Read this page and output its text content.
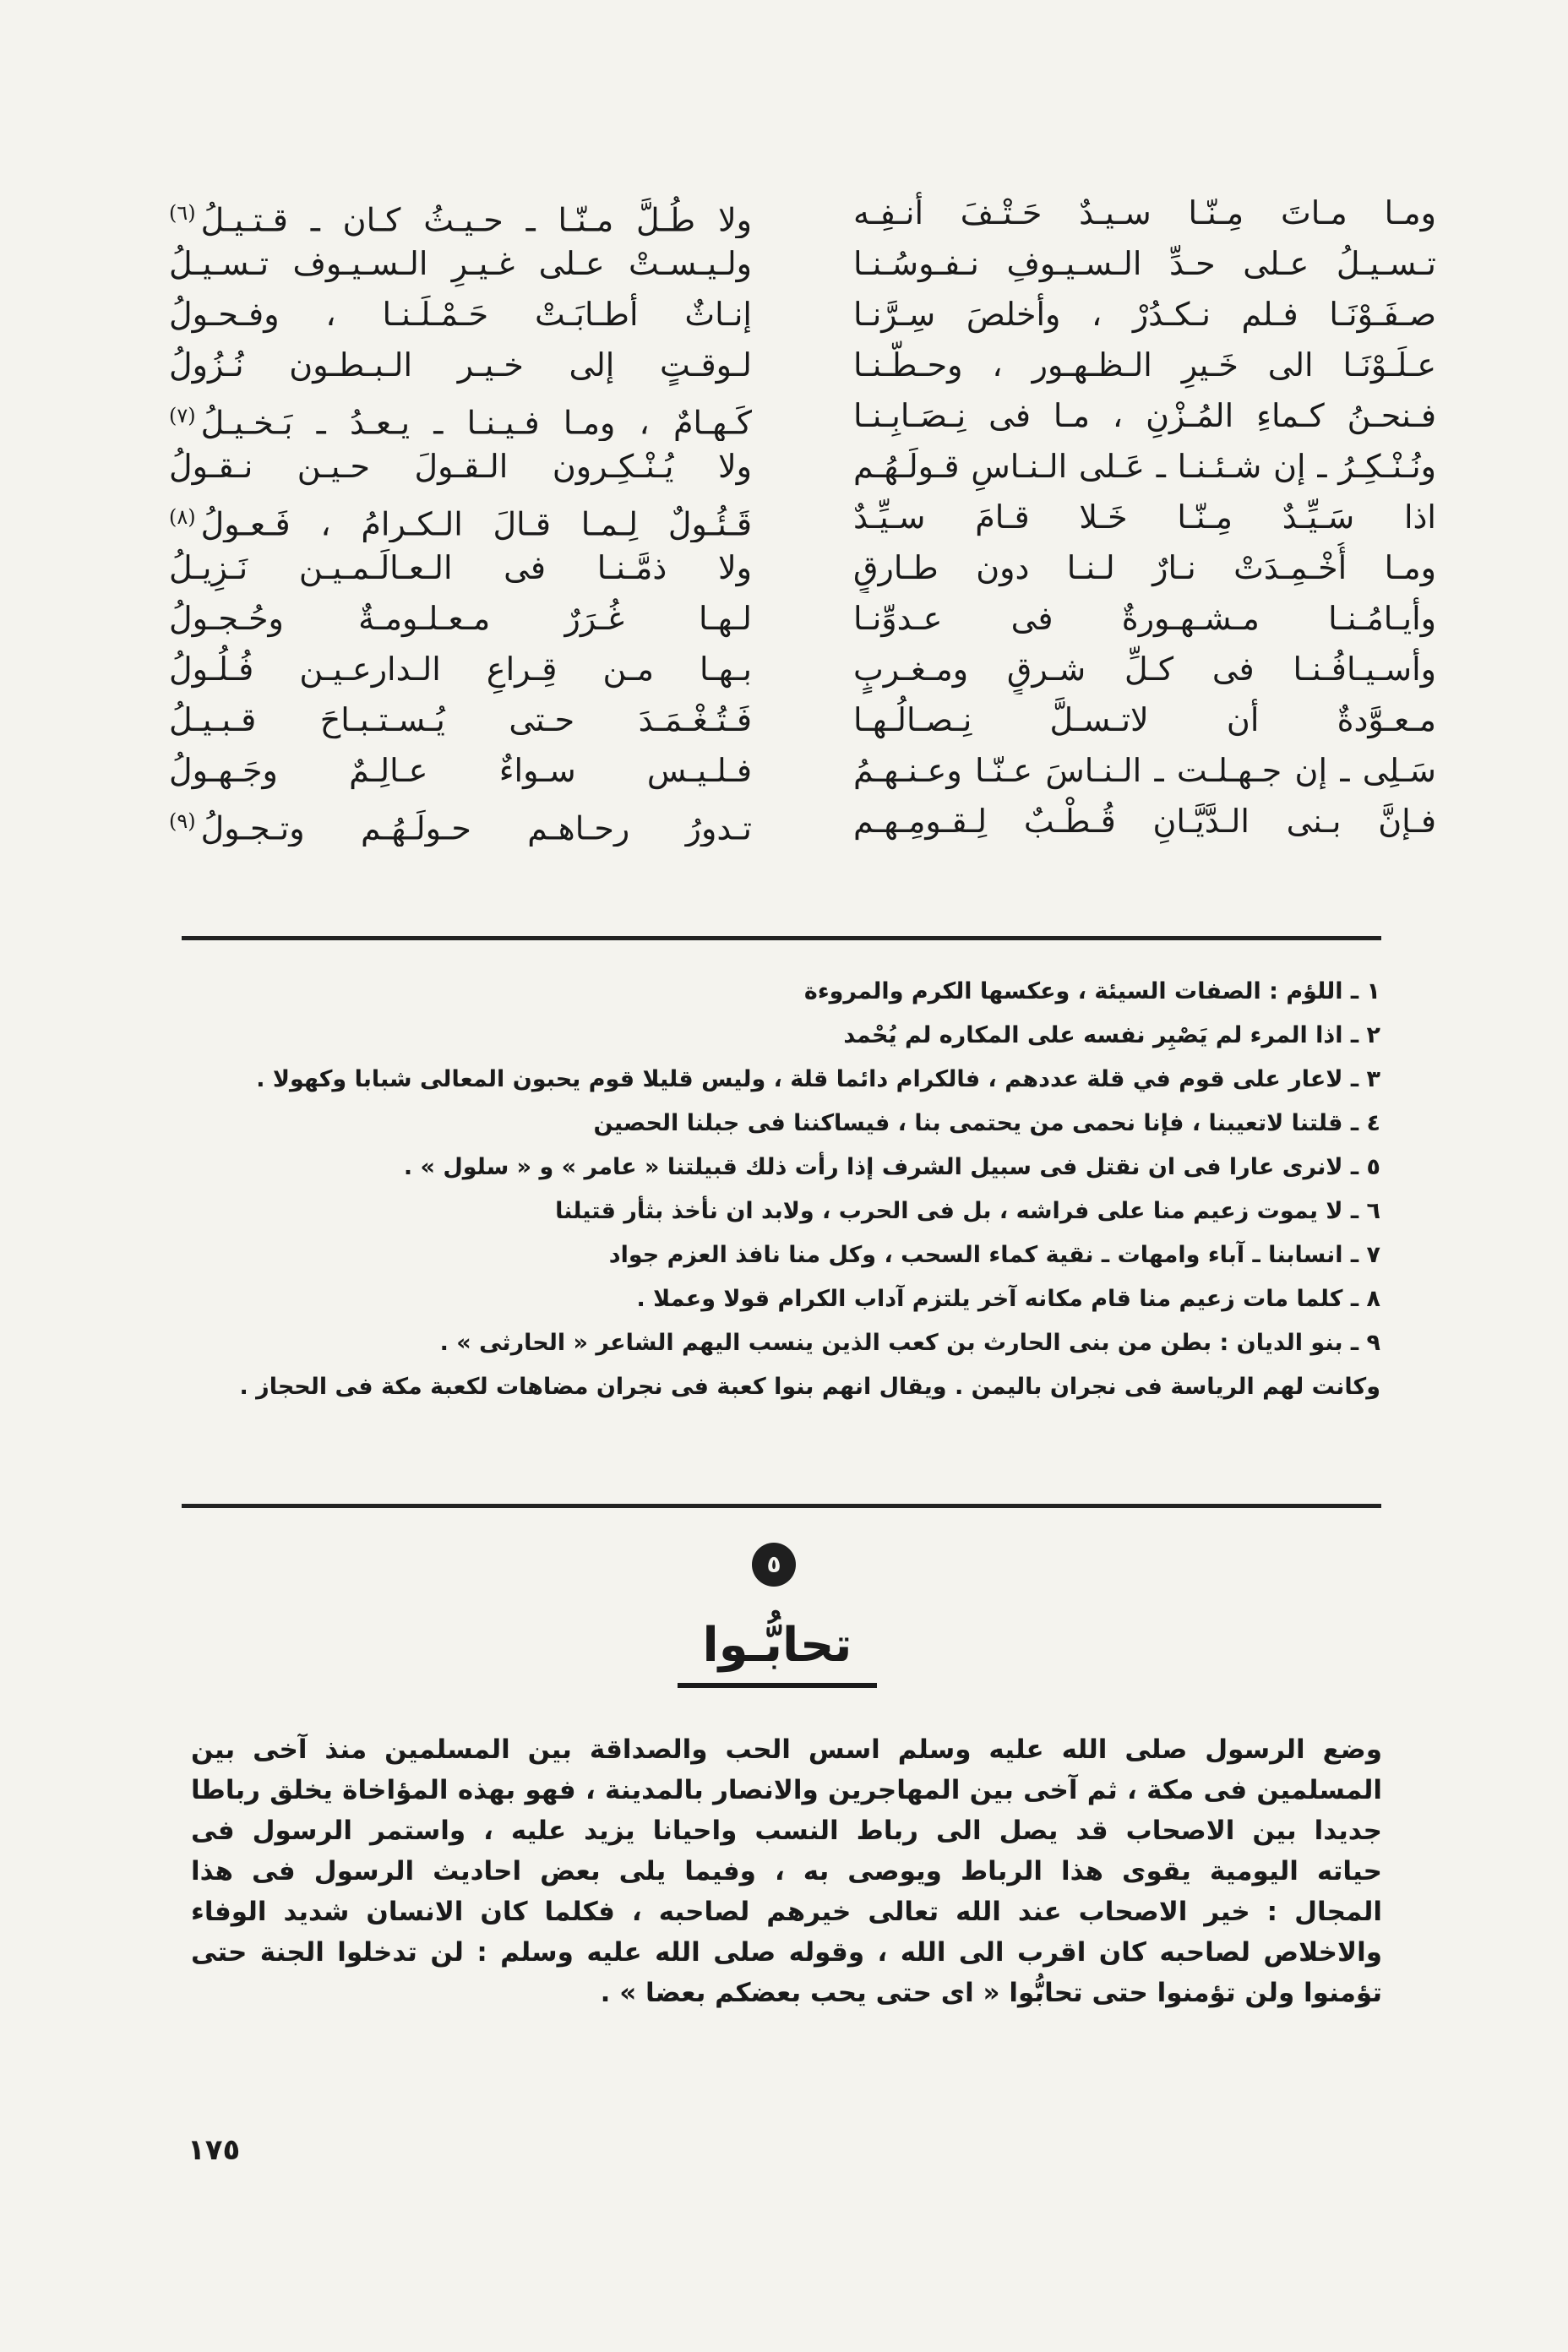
ومـا مـاتَ مِـنّـا سـيـدٌ حَـتْـفَ أنـفِـه
تـسـيـلُ عـلى حـدِّ الـسـيـوفِ نـفـوسُـنـا
صـفَـوْنَـا فـلم نـكـدُرْ ، وأخلصَ سِـرَّنـا
عـلَـوْنَـا الى خَـيرِ الـظـهـور ، وحـطّـنـا
فـنحـنُ كـماءِ المُـزْنِ ، مـا فى نِـصَـابِـنـا
ونُـنْـكِـرُ ـ إن شـئـنـا ـ عَـلى الـنـاسِ قـولَـهُـم
اذا سَـيِّـدٌ مِـنّـا خَـلا قـامَ سـيِّـدٌ
ومـا أُخْـمِـدَتْ نـارٌ لـنـا دون طـارقٍ
وأيـامُـنـا مـشـهـورةٌ فى عـدوِّنـا
وأسـيـافُـنـا فى كـلِّ شـرقٍ ومـغـربٍ
مـعـوَّدةٌ أن لاتـسـلَّ نِـصـالُـهـا
سَـلِى ـ إن جـهـلـت ـ الـنـاسَ عـنّـا وعـنـهـمُ
فـإنَّ بـنى الـدَّيَّـانِ قُـطْـبٌ لِـقـومِـهـم
ولا طُـلَّ مـنّـا ـ حـيـثُ كـان ـ قـتـيـلُ$^{(٦)}$
ولـيـسـتْ عـلى غـيـرِ الـسـيـوف تـسـيـلُ
إنـاثٌ أطـابَـتْ حَـمْـلَـنـا ، وفـحـولُ
لـوقـتٍ إلى خـيـر الـبـطـون نُـزُولُ
كَـهـامٌ ، ومـا فـيـنـا ـ يـعـدُ ـ بَـخـيـلُ$^{(٧)}$
ولا يُـنْـكِـرون الـقـولَ حـيـن نـقـولُ
قَـئُـولٌ لِـمـا قـالَ الـكـرامُ ، فَـعـولُ$^{(٨)}$
ولا ذمَّـنـا فى الـعـالَـمـيـن نَـزِيـلُ
لـهـا غُـرَرٌ مـعـلـومـةٌ وحُـجـولُ
بـهـا مـن قِـراعِ الـدارعـيـن فُـلُـولُ
فَـتُـغْـمَـدَ حـتى يُـسـتـبـاحَ قـبـيـلُ
فـلـيـس سـواءٌ عـالِـمٌ وجَـهـولُ
تـدورُ رحـاهـم حـولَـهُـم وتـجـولُ$^{(٩)}$
١ ـ اللؤم : الصفات السيئة ، وعكسها الكرم والمروءة
٢ ـ اذا المرء لم يَصْبِر نفسه على المكاره لم يُحْمد
٣ ـ لاعار على قوم في قلة عددهم ، فالكرام دائما قلة ، وليس قليلا قوم يحبون المعالى شبابا وكهولا .
٤ ـ قلتنا لاتعيبنا ، فإنا نحمى من يحتمى بنا ، فيساكننا فى جبلنا الحصين
٥ ـ لانرى عارا فى ان نقتل فى سبيل الشرف إذا رأت ذلك قبيلتنا « عامر » و « سلول » .
٦ ـ لا يموت زعيم منا على فراشه ، بل فى الحرب ، ولابد ان نأخذ بثأر قتيلنا
٧ ـ انسابنا ـ آباء وامهات ـ نقية كماء السحب ، وكل منا نافذ العزم جواد
٨ ـ كلما مات زعيم منا قام مكانه آخر يلتزم آداب الكرام قولا وعملا .
٩ ـ بنو الديان : بطن من بنى الحارث بن كعب الذين ينسب اليهم الشاعر « الحارثى » .
وكانت لهم الرياسة فى نجران باليمن . ويقال انهم بنوا كعبة فى نجران مضاهات لكعبة مكة فى الحجاز .
٥
تحابُّـوا
وضع الرسول صلى الله عليه وسلم اسس الحب والصداقة بين المسلمين منذ آخى بين
المسلمين فى مكة ، ثم آخى بين المهاجرين والانصار بالمدينة ، فهو بهذه المؤاخاة يخلق رباطا
جديدا بين الاصحاب قد يصل الى رباط النسب واحيانا يزيد عليه ، واستمر الرسول فى
حياته اليومية يقوى هذا الرباط ويوصى به ، وفيما يلى بعض احاديث الرسول فى هذا
المجال : خير الاصحاب عند الله تعالى خيرهم لصاحبه ، فكلما كان الانسان شديد الوفاء
والاخلاص لصاحبه كان اقرب الى الله ، وقوله صلى الله عليه وسلم : لن تدخلوا الجنة حتى
تؤمنوا ولن تؤمنوا حتى تحابُّوا « اى حتى يحب بعضكم بعضا » .
١٧٥
